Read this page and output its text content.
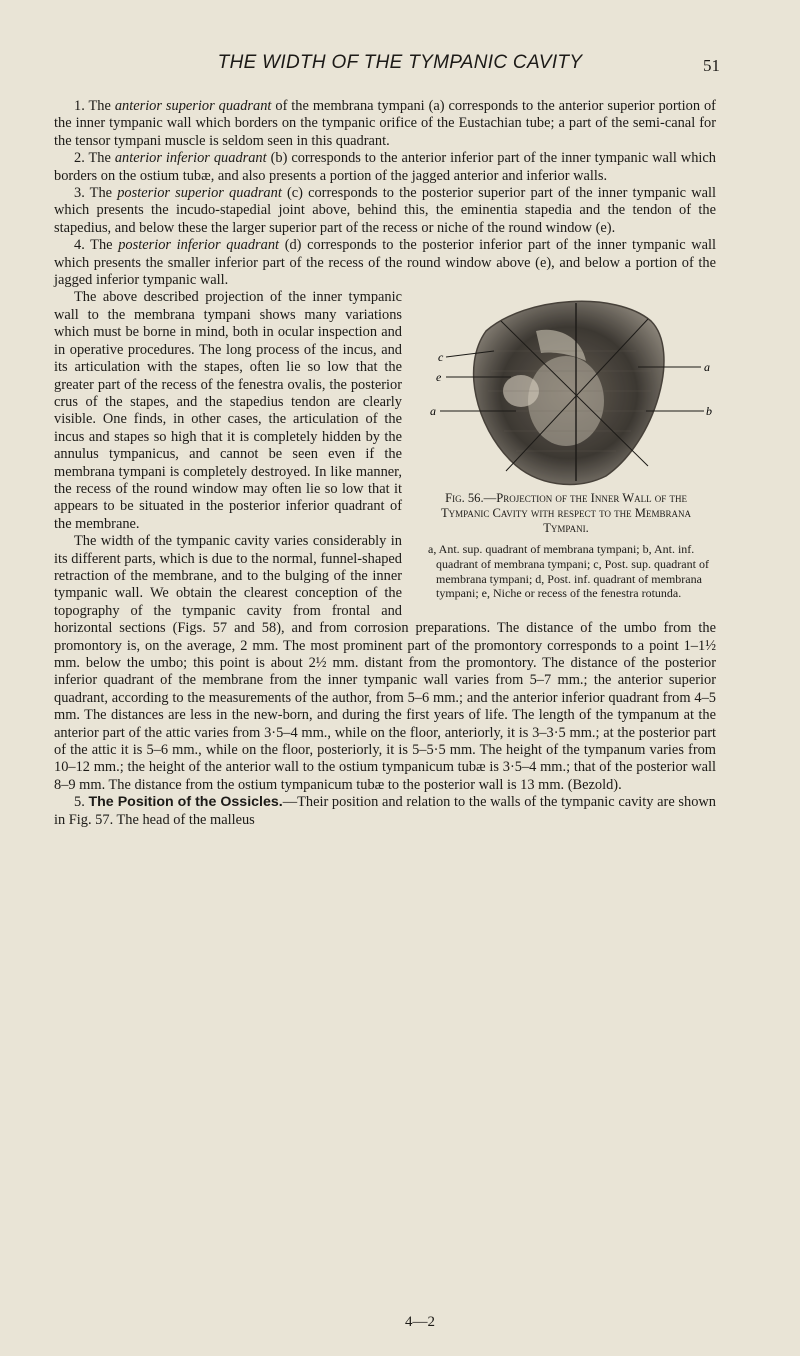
THE WIDTH OF THE TYMPANIC CAVITY	51

1. The anterior superior quadrant of the membrana tympani (a) corresponds to the anterior superior portion of the inner tympanic wall which borders on the tympanic orifice of the Eustachian tube; a part of the semi-canal for the tensor tympani muscle is seldom seen in this quadrant.

2. The anterior inferior quadrant (b) corresponds to the anterior inferior part of the inner tympanic wall which borders on the ostium tubæ, and also presents a portion of the jagged anterior and inferior walls.

3. The posterior superior quadrant (c) corresponds to the posterior superior part of the inner tympanic wall which presents the incudo-stapedial joint above, behind this, the eminentia stapedia and the tendon of the stapedius, and below these the larger superior part of the recess or niche of the round window (e).

4. The posterior inferior quadrant (d) corresponds to the posterior inferior part of the inner tympanic wall which presents the smaller inferior part of the recess of the round window above (e), and below a portion of the jagged inferior tympanic wall.

a
b
c
e
a
Fig. 56.—Projection of the Inner Wall of the Tympanic Cavity with respect to the Membrana Tympani.
a, Ant. sup. quadrant of membrana tympani; b, Ant. inf. quadrant of membrana tympani; c, Post. sup. quadrant of membrana tympani; d, Post. inf. quadrant of membrana tympani; e, Niche or recess of the fenestra rotunda.

The above described projection of the inner tympanic wall to the membrana tympani shows many variations which must be borne in mind, both in ocular inspection and in operative procedures. The long process of the incus, and its articulation with the stapes, often lie so low that the greater part of the recess of the fenestra ovalis, the posterior crus of the stapes, and the stapedius tendon are clearly visible. One finds, in other cases, the articulation of the incus and stapes so high that it is completely hidden by the annulus tympanicus, and cannot be seen even if the membrana tympani is completely destroyed. In like manner, the recess of the round window may often lie so low that it appears to be situated in the posterior inferior quadrant of the membrane.

The width of the tympanic cavity varies considerably in its different parts, which is due to the normal, funnel-shaped retraction of the membrane, and to the bulging of the inner tympanic wall. We obtain the clearest conception of the topography of the tympanic cavity from frontal and horizontal sections (Figs. 57 and 58), and from corrosion preparations. The distance of the umbo from the promontory is, on the average, 2 mm. The most prominent part of the promontory corresponds to a point 1–1½ mm. below the umbo; this point is about 2½ mm. distant from the promontory. The distance of the posterior inferior quadrant of the membrane from the inner tympanic wall varies from 5–7 mm.; the anterior superior quadrant, according to the measurements of the author, from 5–6 mm.; and the anterior inferior quadrant from 4–5 mm. The distances are less in the new-born, and during the first years of life. The length of the tympanum at the anterior part of the attic varies from 3·5–4 mm., while on the floor, anteriorly, it is 3–3·5 mm.; at the posterior part of the attic it is 5–6 mm., while on the floor, posteriorly, it is 5–5·5 mm. The height of the tympanum varies from 10–12 mm.; the height of the anterior wall to the ostium tympanicum tubæ is 3·5–4 mm.; that of the posterior wall 8–9 mm. The distance from the ostium tympanicum tubæ to the posterior wall is 13 mm. (Bezold).

5. The Position of the Ossicles.—Their position and relation to the walls of the tympanic cavity are shown in Fig. 57. The head of the malleus

4—2
